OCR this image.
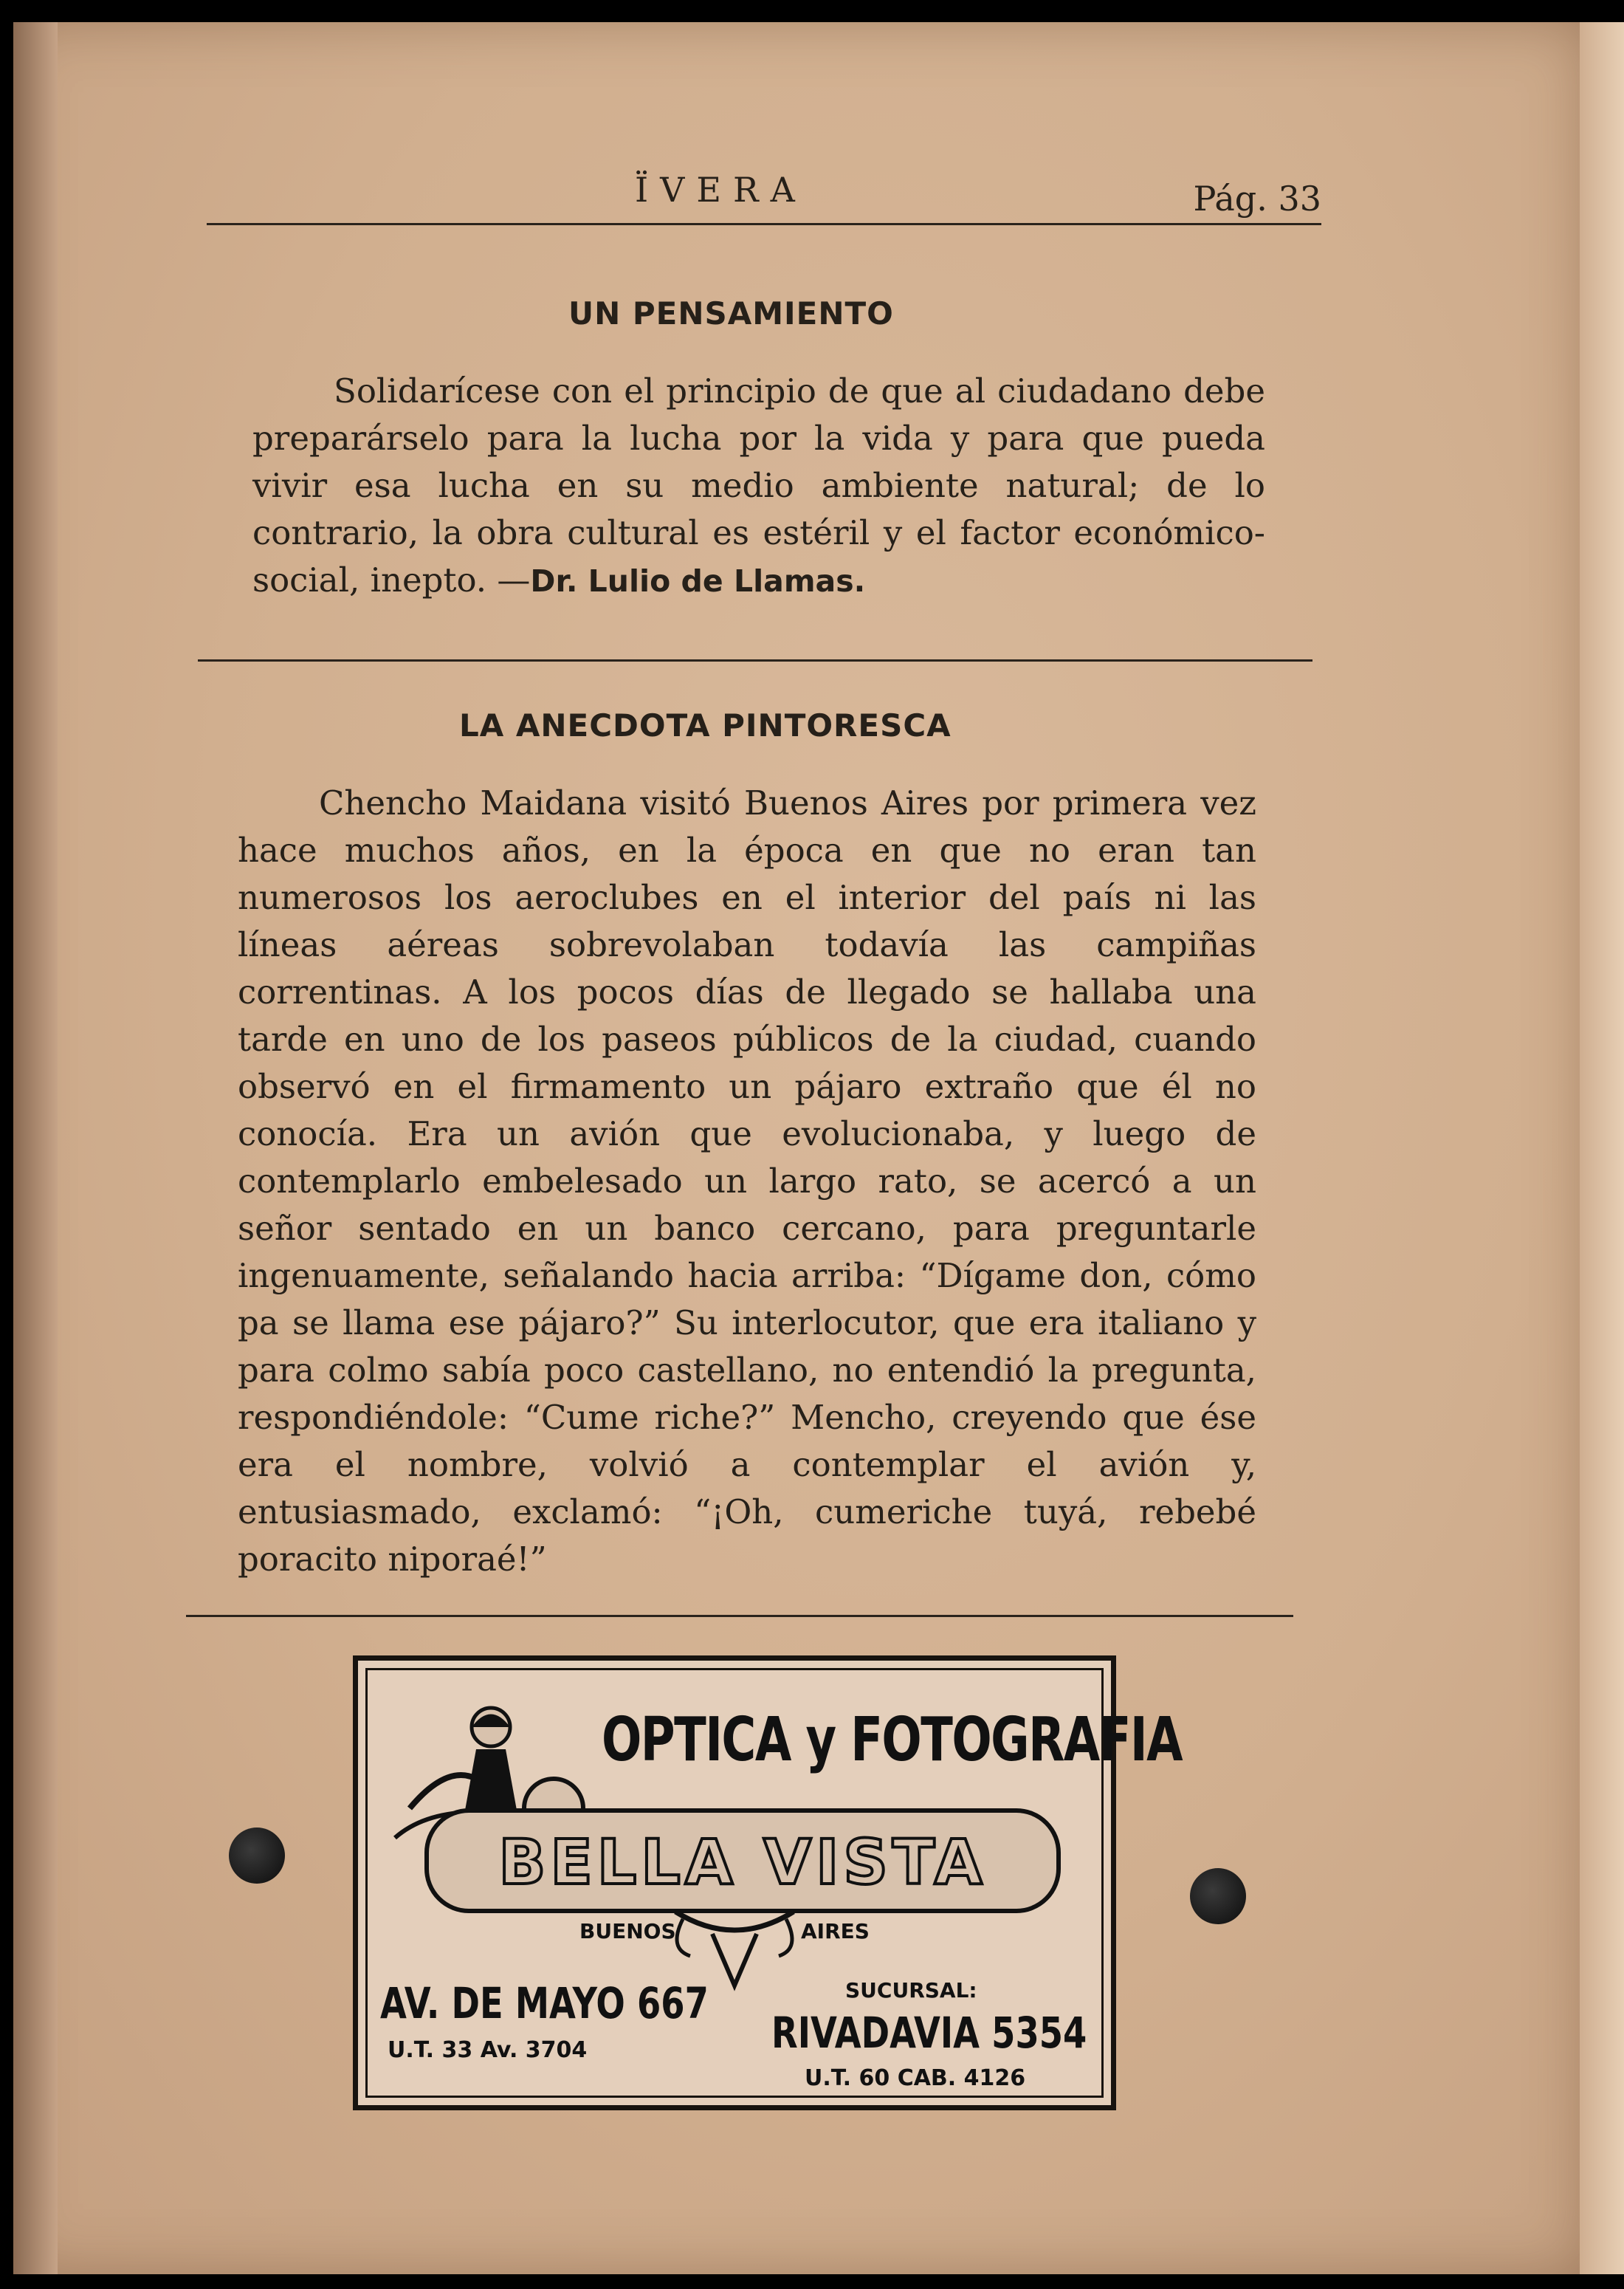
ÏVERA	Pág. 33
UN PENSAMIENTO

Solidarícese con el principio de que al ciudadano debe preparárselo para la lucha por la vida y para que pueda vivir esa lucha en su medio ambiente natural; de lo contrario, la obra cultural es estéril y el factor económico-social, inepto. —Dr. Lulio de Llamas.

LA ANECDOTA PINTORESCA

Chencho Maidana visitó Buenos Aires por primera vez hace muchos años, en la época en que no eran tan numerosos los aeroclubes en el interior del país ni las líneas aéreas sobrevolaban todavía las campiñas correntinas. A los pocos días de llegado se hallaba una tarde en uno de los paseos públicos de la ciudad, cuando observó en el firmamento un pájaro extraño que él no conocía. Era un avión que evolucionaba, y luego de contemplarlo embelesado un largo rato, se acercó a un señor sentado en un banco cercano, para preguntarle ingenuamente, señalando hacia arriba: “Dígame don, cómo pa se llama ese pájaro?” Su interlocutor, que era italiano y para colmo sabía poco castellano, no entendió la pregunta, respondiéndole: “Cume riche?” Mencho, creyendo que ése era el nombre, volvió a contemplar el avión y, entusiasmado, exclamó: “¡Oh, cumeriche tuyá, rebebé poracito niporaé!”

OPTICA y FOTOGRAFIA
BELLA VISTA
BUENOS	AIRES
AV. DE MAYO 667
U.T. 33 Av. 3704
SUCURSAL:
RIVADAVIA 5354
U.T. 60 CAB. 4126
